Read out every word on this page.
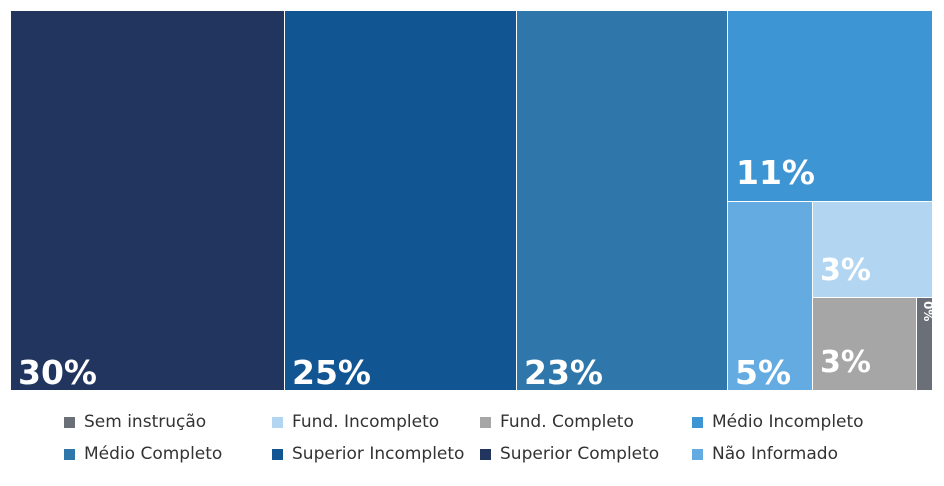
30%	25%	23%
11%
5%
3%
3%
0%
Sem instrução	Fund. Incompleto	Fund. Completo	Médio Incompleto
Médio Completo	Superior Incompleto Superior Completo	Não Informado
